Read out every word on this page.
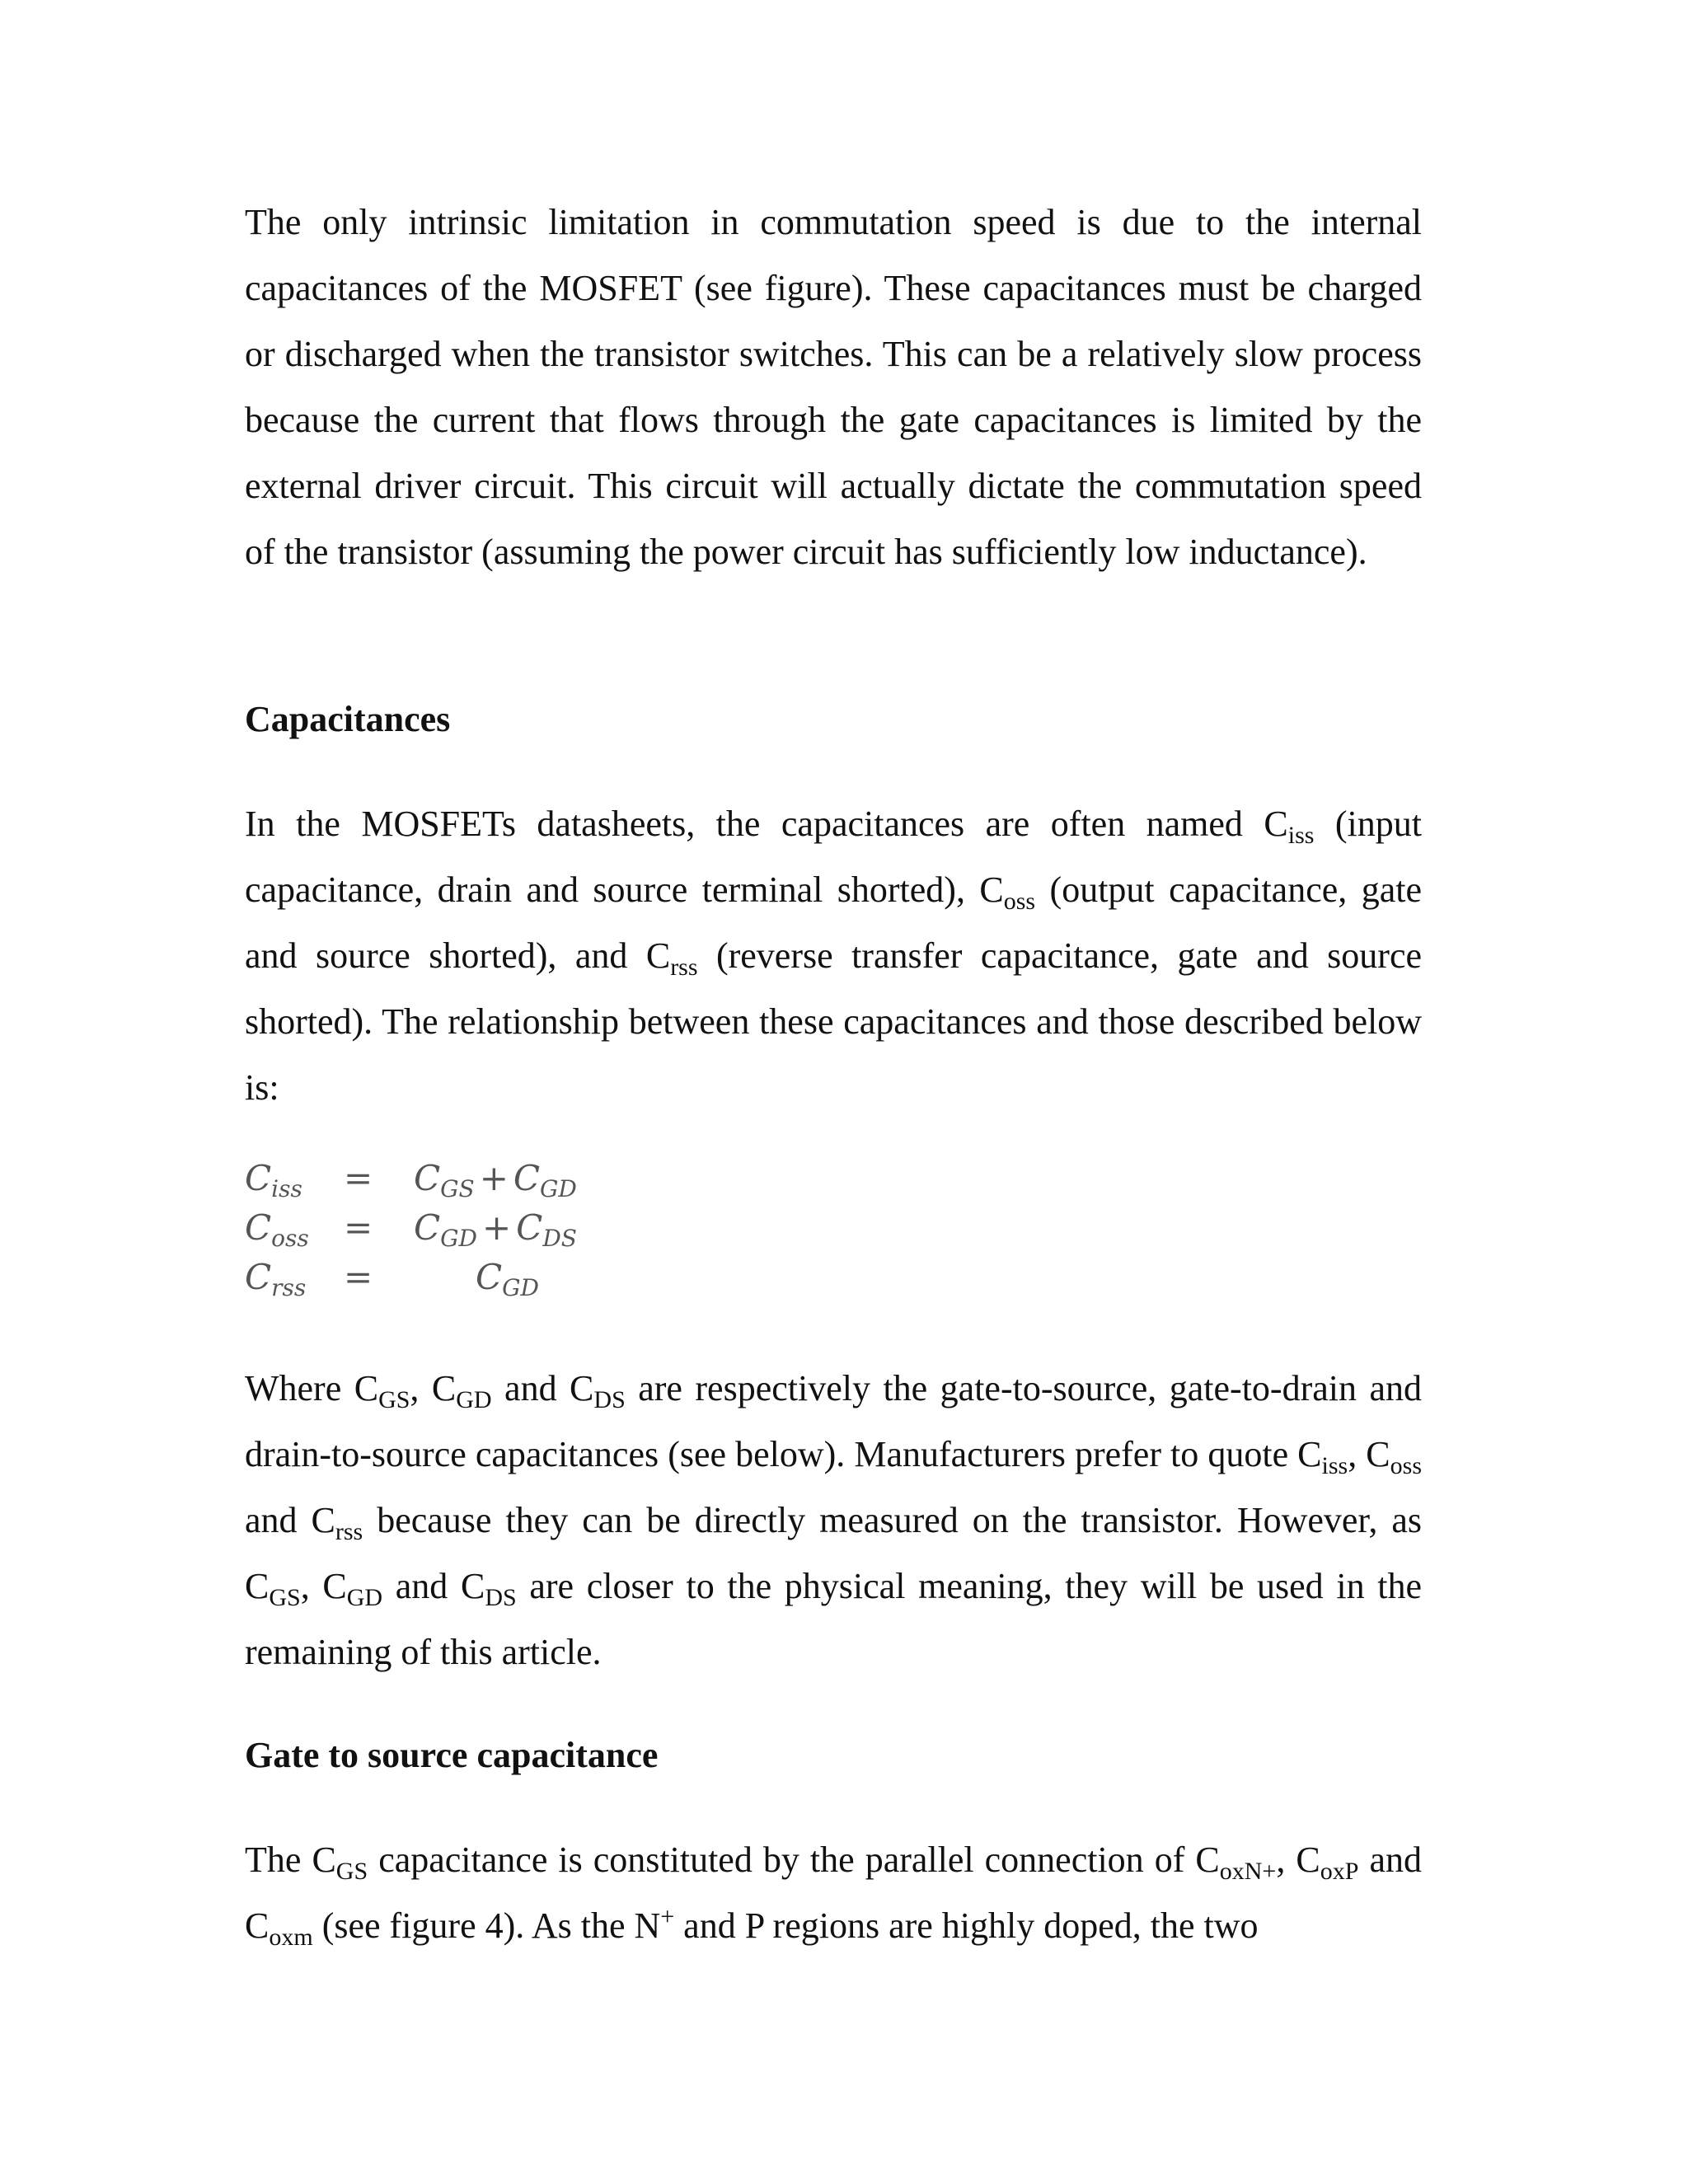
The only intrinsic limitation in commutation speed is due to the internal capacitances of the MOSFET (see figure). These capacitances must be charged or discharged when the transistor switches. This can be a relatively slow process because the current that flows through the gate capacitances is limited by the external driver circuit. This circuit will actually dictate the commutation speed of the transistor (assuming the power circuit has sufficiently low inductance).

Capacitances

In the MOSFETs datasheets, the capacitances are often named $C_{iss}$ (input capacitance, drain and source terminal shorted), $C_{oss}$ (output capacitance, gate and source shorted), and $C_{rss}$ (reverse transfer capacitance, gate and source shorted). The relationship between these capacitances and those described below is:

Ciss = CGS + CGD
Coss = CGD + CDS
Crss =	CGD

Where $C_{GS}$, $C_{GD}$ and $C_{DS}$ are respectively the gate-to-source, gate-to-drain and drain-to-source capacitances (see below). Manufacturers prefer to quote $C_{iss}$, $C_{oss}$ and $C_{rss}$ because they can be directly measured on the transistor. However, as $C_{GS}$, $C_{GD}$ and $C_{DS}$ are closer to the physical meaning, they will be used in the remaining of this article.

Gate to source capacitance

The $C_{GS}$ capacitance is constituted by the parallel connection of $C_{oxN+}$, $C_{oxP}$ and $C_{oxm}$ (see figure 4). As the N+ and P regions are highly doped, the two
